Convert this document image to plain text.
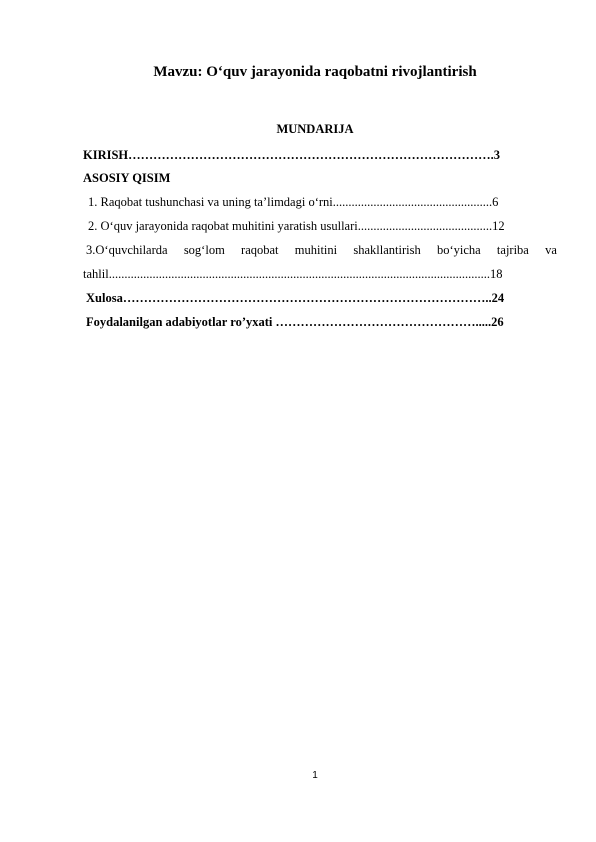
Mavzu: O‘quv jarayonida raqobatni rivojlantirish
MUNDARIJA
KIRISH…………………………………………………………………………….3
ASOSIY QISIM
1. Raqobat tushunchasi va uning ta’limdagi o‘rni...................................................6
2. O‘quv jarayonida raqobat muhitini yaratish usullari...........................................12
3.O‘quvchilarda sog‘lom raqobat muhitini shakllantirish bo‘yicha tajriba va
tahlil..........................................................................................................................18
Xulosa……………………………………………………………………………..24
Foydalanilgan adabiyotlar ro’yxati ………………………………………….....26
1
